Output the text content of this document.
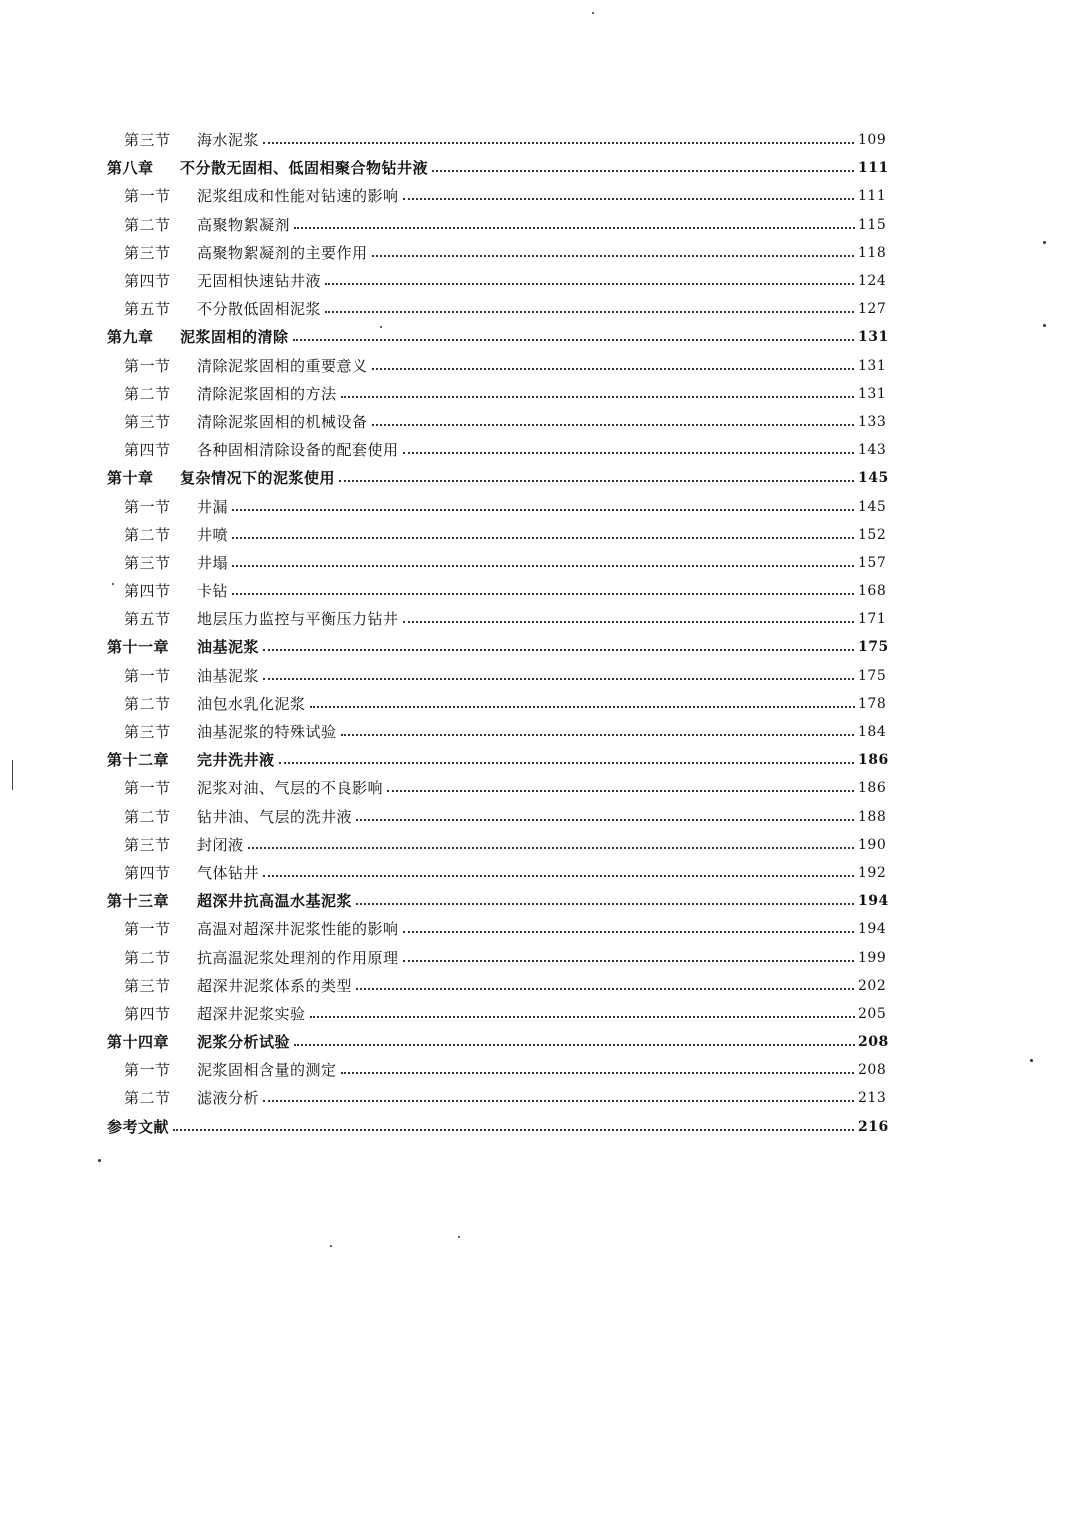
第三节 海水泥浆	109
第八章 不分散无固相、低固相聚合物钻井液	111
第一节 泥浆组成和性能对钻速的影响	111
第二节 高聚物絮凝剂	115
第三节 高聚物絮凝剂的主要作用	118
第四节 无固相快速钻井液	124
第五节 不分散低固相泥浆	127
第九章 泥浆固相的清除	131
第一节 清除泥浆固相的重要意义	131
第二节 清除泥浆固相的方法	131
第三节 清除泥浆固相的机械设备	133
第四节 各种固相清除设备的配套使用	143
第十章 复杂情况下的泥浆使用	145
第一节 井漏	145
第二节 井喷	152
第三节 井塌	157
第四节 卡钻	168
第五节 地层压力监控与平衡压力钻井	171
第十一章 油基泥浆	175
第一节 油基泥浆	175
第二节 油包水乳化泥浆	178
第三节 油基泥浆的特殊试验	184
第十二章 完井洗井液	186
第一节 泥浆对油、气层的不良影响	186
第二节 钻井油、气层的洗井液	188
第三节 封闭液	190
第四节 气体钻井	192
第十三章 超深井抗高温水基泥浆	194
第一节 高温对超深井泥浆性能的影响	194
第二节 抗高温泥浆处理剂的作用原理	199
第三节 超深井泥浆体系的类型	202
第四节 超深井泥浆实验	205
第十四章 泥浆分析试验	208
第一节 泥浆固相含量的测定	208
第二节 滤液分析	213
参考文献	216
